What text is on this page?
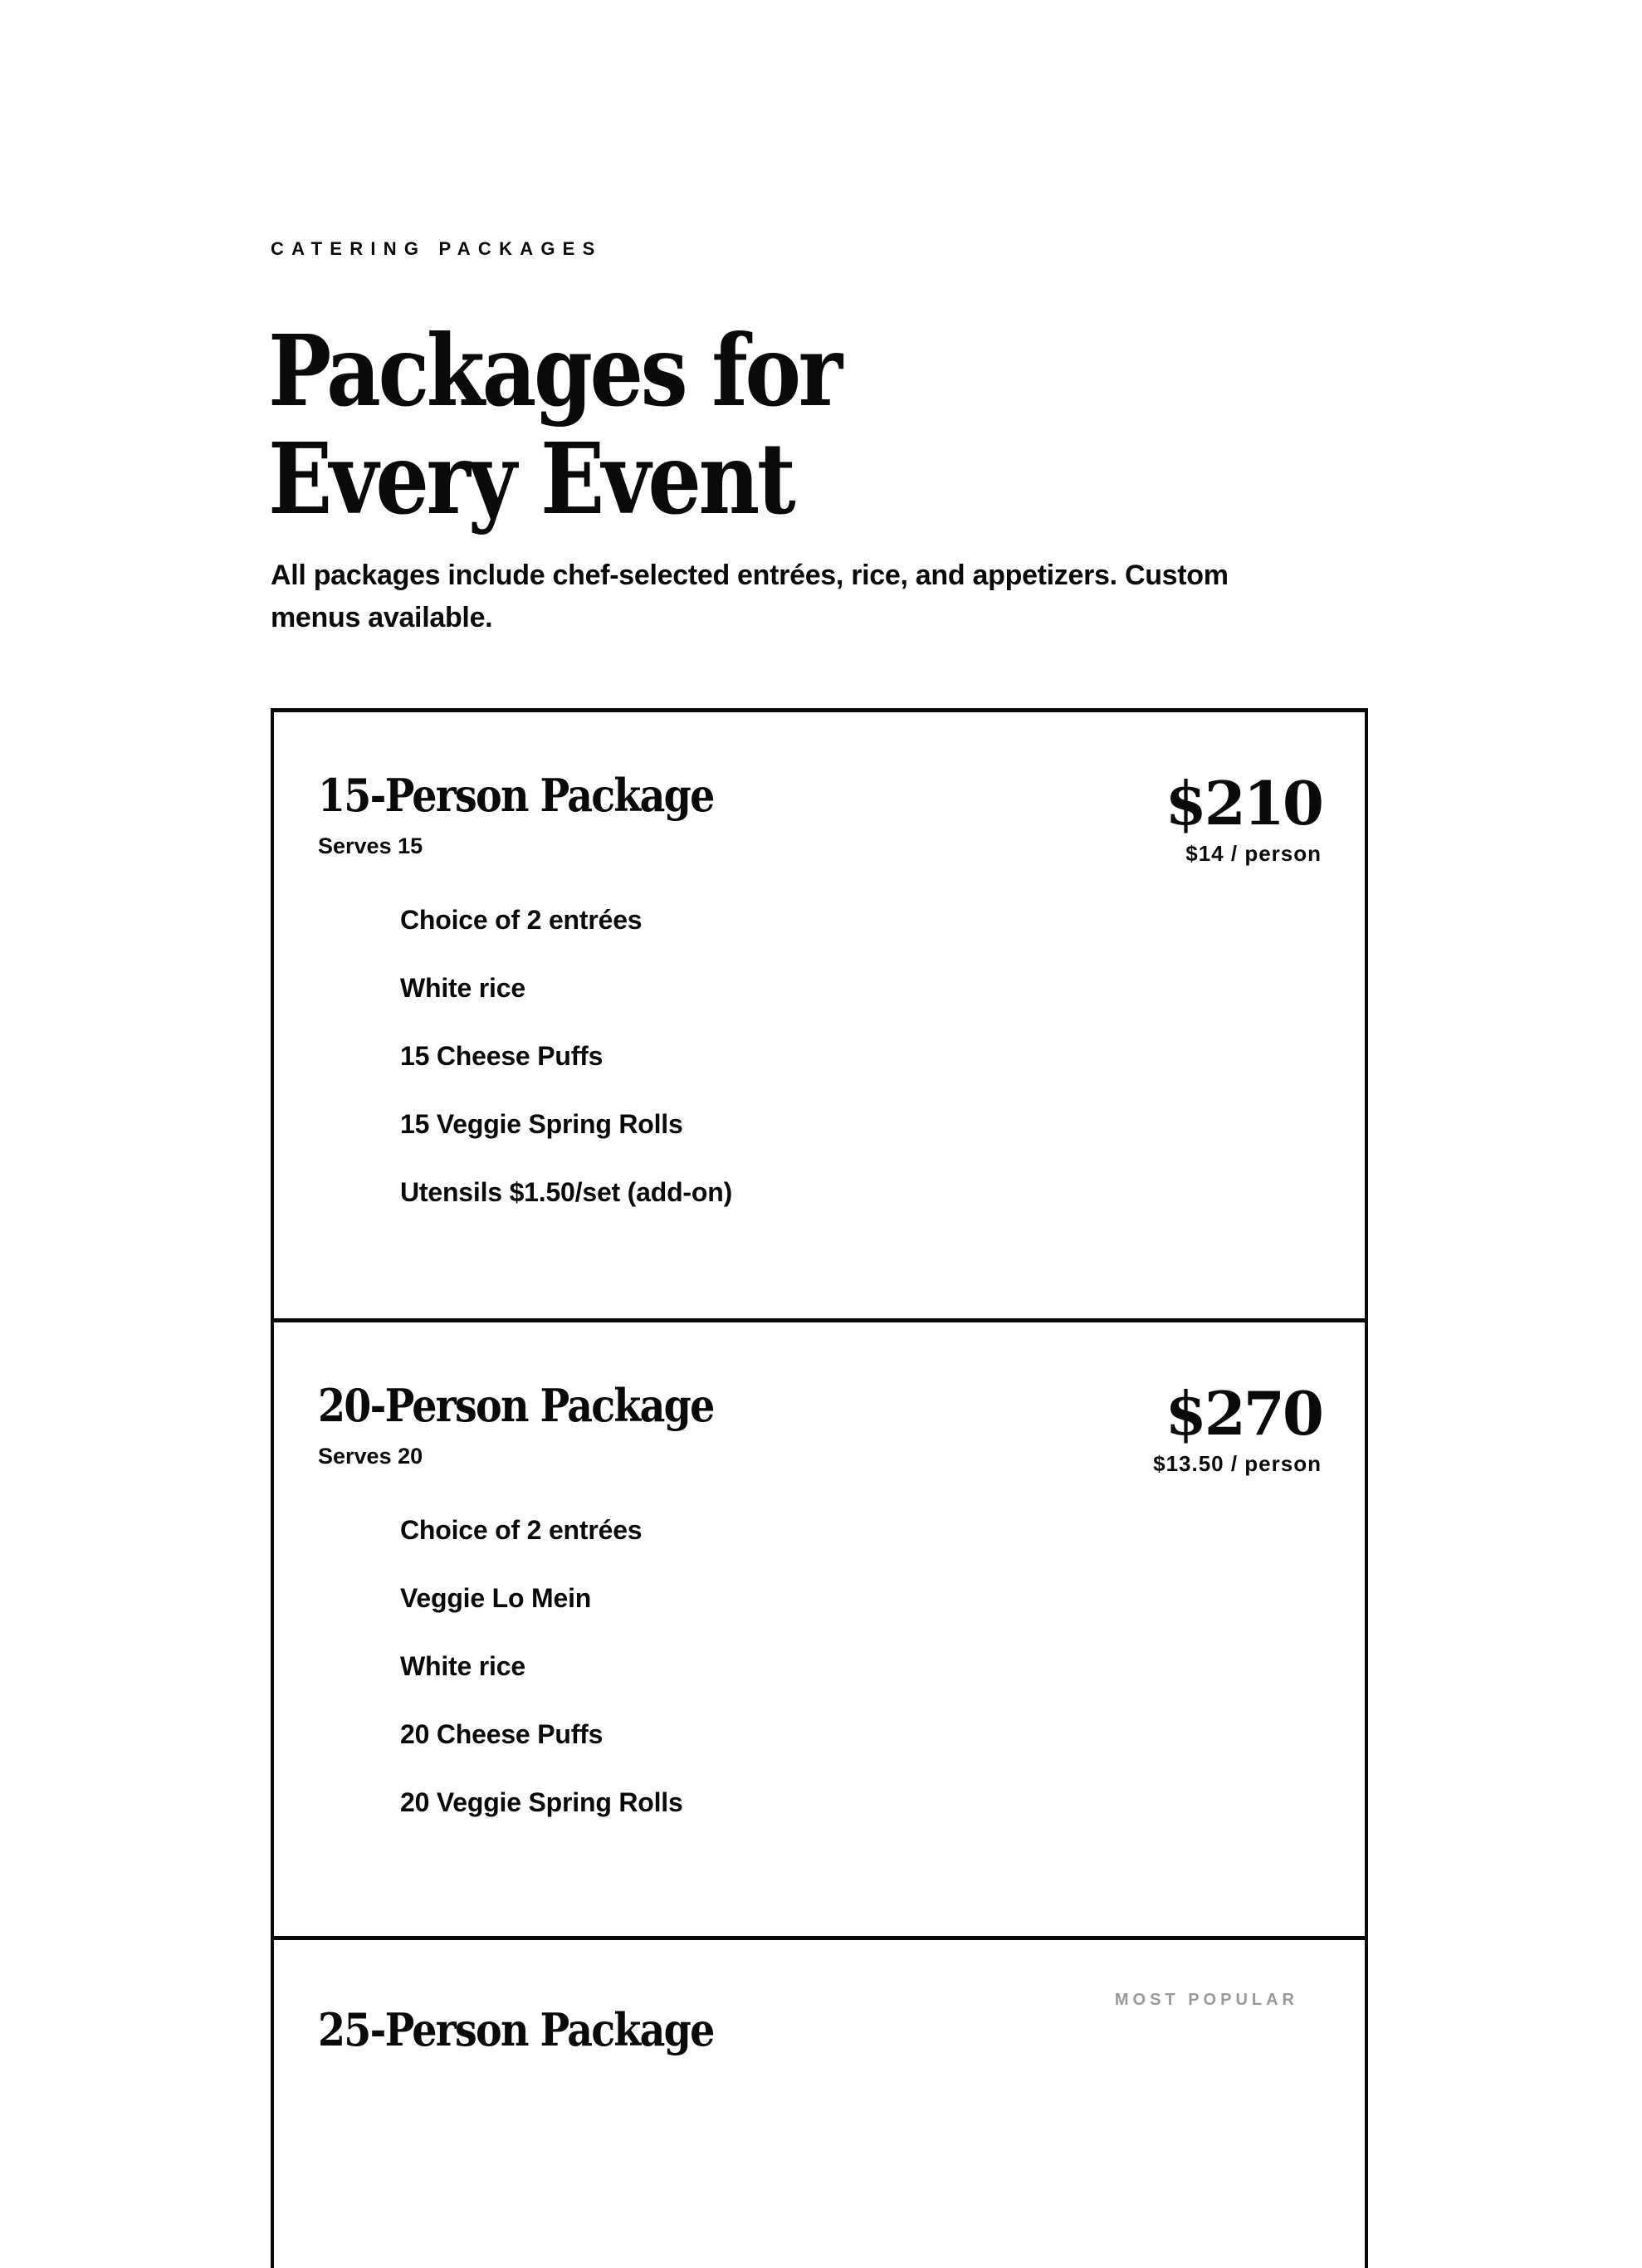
CATERING PACKAGES
Packages for
Every Event

All packages include chef-selected entrées, rice, and appetizers. Custom menus available.

15-Person Package
Serves 15
$210
$14 / person
Choice of 2 entrées
White rice
15 Cheese Puffs
15 Veggie Spring Rolls
Utensils $1.50/set (add-on)
20-Person Package
Serves 20
$270
$13.50 / person
Choice of 2 entrées
Veggie Lo Mein
White rice
20 Cheese Puffs
20 Veggie Spring Rolls
MOST POPULAR
25-Person Package
